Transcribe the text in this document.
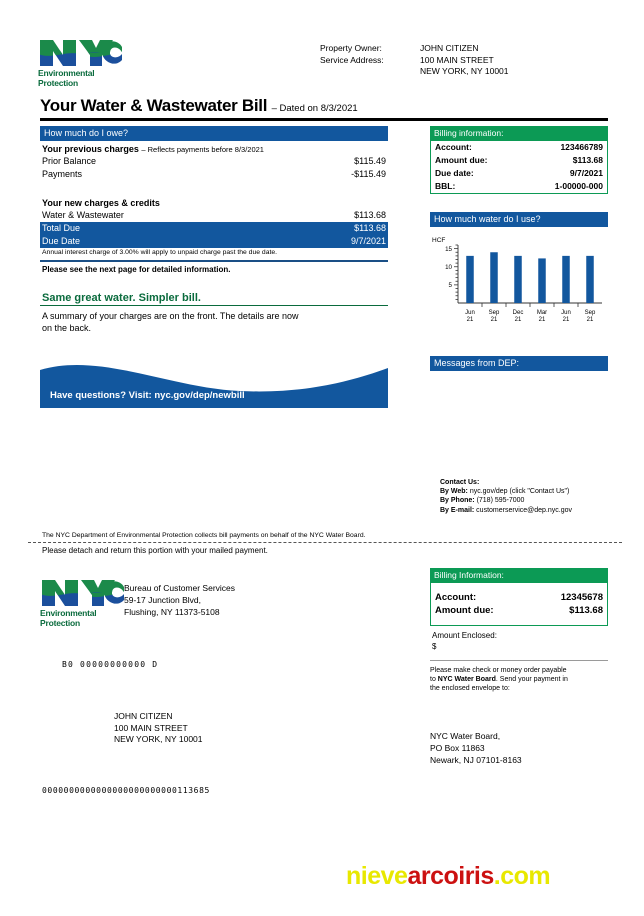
Environmental
Protection
Property Owner:	JOHN CITIZEN
Service Address:	100 MAIN STREET
NEW YORK, NY 10001
Your Water & Wastewater Bill – Dated on 8/3/2021
How much do I owe?
Your previous charges – Reflects payments before 8/3/2021
Prior Balance	$115.49
Payments	-$115.49
Your new charges & credits
Water & Wastewater	$113.68
Total Due	$113.68
Due Date	9/7/2021
Annual interest charge of 3.00% will apply to unpaid charge past the due date.
Please see the next page for detailed information.
Same great water. Simpler bill.
A summary of your charges are on the front. The details are now
on the back.
Have questions? Visit: nyc.gov/dep/newbill
Billing information:
Account:	123466789
Amount due:	$113.68
Due date:	9/7/2021
BBL:	1-00000-000
How much water do I use?
HCF
5
10
15
Jun
21
Sep
21
Dec
21
Mar
21
Jun
21
Sep
21
Messages from DEP:
Contact Us:
By Web: nyc.gov/dep (click "Contact Us")
By Phone: (718) 595-7000
By E-mail: customerservice@dep.nyc.gov
The NYC Department of Environmental Protection collects bill payments on behalf of the NYC Water Board.
Please detach and return this portion with your mailed payment.
Environmental
Protection
Bureau of Customer Services
59-17 Junction Blvd,
Flushing, NY 11373-5108
B0 00000000000 D
JOHN CITIZEN
100 MAIN STREET
NEW YORK, NY 10001
0000000000000000000000000113685
Billing Information:
Account:	12345678
Amount due:	$113.68
Amount Enclosed:
$
Please make check or money order payable
to NYC Water Board. Send your payment in
the enclosed envelope to:
NYC Water Board,
PO Box 11863
Newark, NJ 07101-8163
nievearcoiris.com
